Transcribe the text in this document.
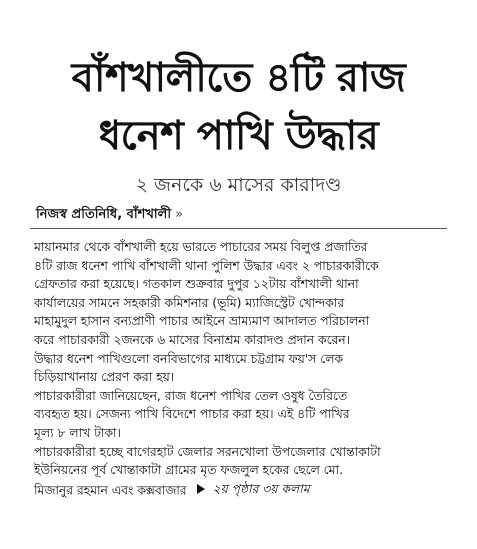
বাঁশখালীতে ৪টি রাজ
ধনেশ পাখি উদ্ধার
২ জনকে ৬ মাসের কারাদণ্ড
নিজস্ব প্রতিনিধি, বাঁশখালী »
মায়ানমার থেকে বাঁশখালী হয়ে ভারতে পাচারের সময় বিলুপ্ত প্রজাতির
৪টি রাজ ধনেশ পাখি বাঁশখালী থানা পুলিশ উদ্ধার এবং ২ পাচারকারীকে
গ্রেফতার করা হয়েছে। গতকাল শুক্রবার দুপুর ১২টায় বাঁশখালী থানা
কার্যালয়ের সামনে সহকারী কমিশনার (ভূমি) ম্যাজিস্ট্রেট খোন্দকার
মাহামুদুল হাসান বন্যপ্রাণী পাচার আইনে ভ্রাম্যমাণ আদালত পরিচালনা
করে পাচারকারী ২জনকে ৬ মাসের বিনাশ্রম কারাদণ্ড প্রদান করেন।
উদ্ধার ধনেশ পাখিগুলো বনবিভাগের মাধ্যমে চট্টগ্রাম ফয়'স লেক
চিড়িয়াখানায় প্রেরণ করা হয়।
পাচারকারীরা জানিয়েছেন, রাজ ধনেশ পাখির তেল ওষুধ তৈরিতে
ব্যবহৃত হয়। সেজন্য পাখি বিদেশে পাচার করা হয়। এই ৪টি পাখির
মূল্য ৮ লাখ টাকা।
পাচারকারীরা হচ্ছে বাগেরহাট জেলার সরনখোলা উপজেলার খোন্তাকাটা
ইউনিয়নের পূর্ব খোন্তাকাটা গ্রামের মৃত ফজলুল হকের ছেলে মো.
মিজানুর রহমান এবং কক্সবাজার ২য় পৃষ্ঠার ৩য় কলাম
